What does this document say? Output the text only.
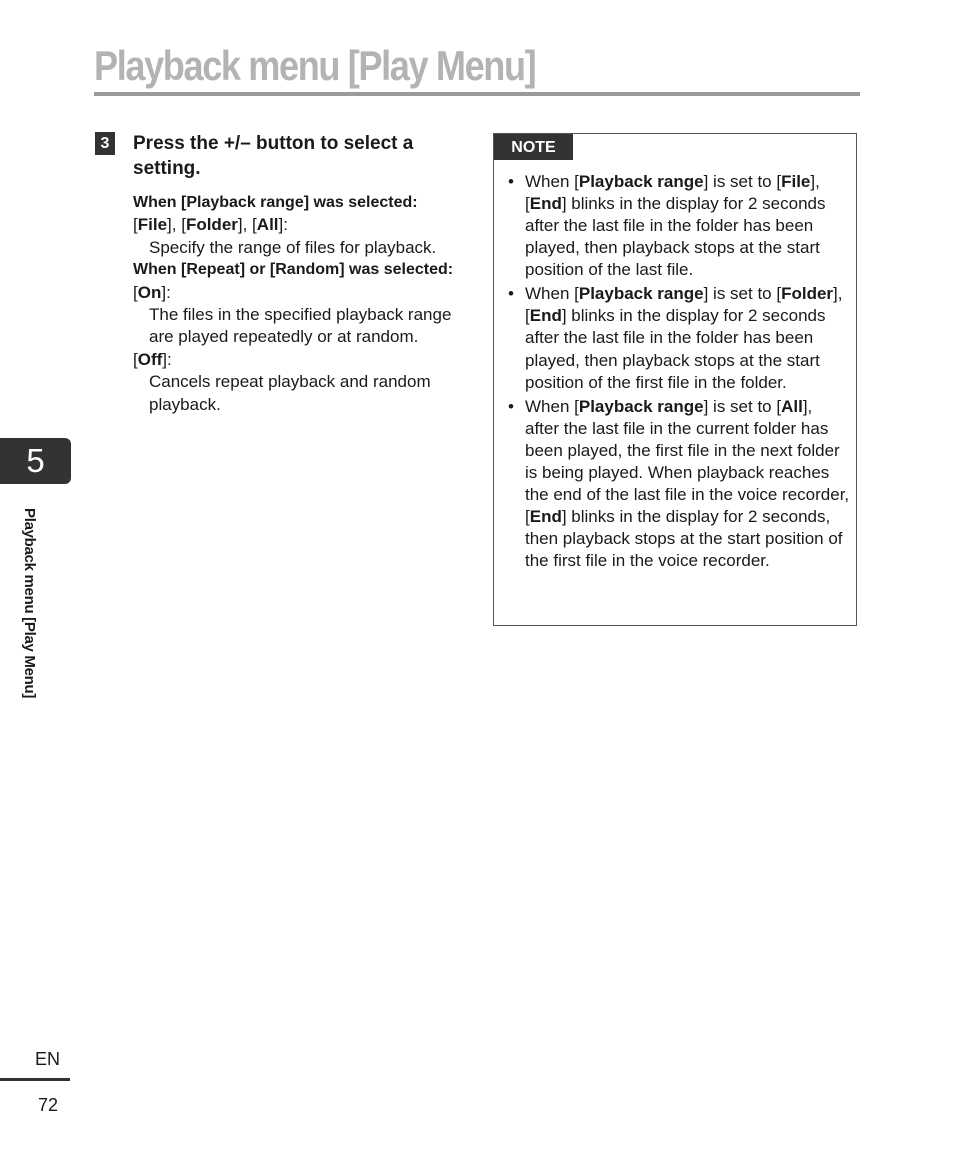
Playback menu [Play Menu]
3 Press the +/– button to select a setting.
When [Playback range] was selected:
[File], [Folder], [All]:
Specify the range of files for playback.
When [Repeat] or [Random] was selected:
[On]:
The files in the specified playback range are played repeatedly or at random.
[Off]:
Cancels repeat playback and random playback.
NOTE
• When [Playback range] is set to [File], [End] blinks in the display for 2 seconds after the last file in the folder has been played, then playback stops at the start position of the last file.
• When [Playback range] is set to [Folder], [End] blinks in the display for 2 seconds after the last file in the folder has been played, then playback stops at the start position of the first file in the folder.
• When [Playback range] is set to [All], after the last file in the current folder has been played, the first file in the next folder is being played. When playback reaches the end of the last file in the voice recorder, [End] blinks in the display for 2 seconds, then playback stops at the start position of the first file in the voice recorder.
5
Playback menu [Play Menu]
EN
72
